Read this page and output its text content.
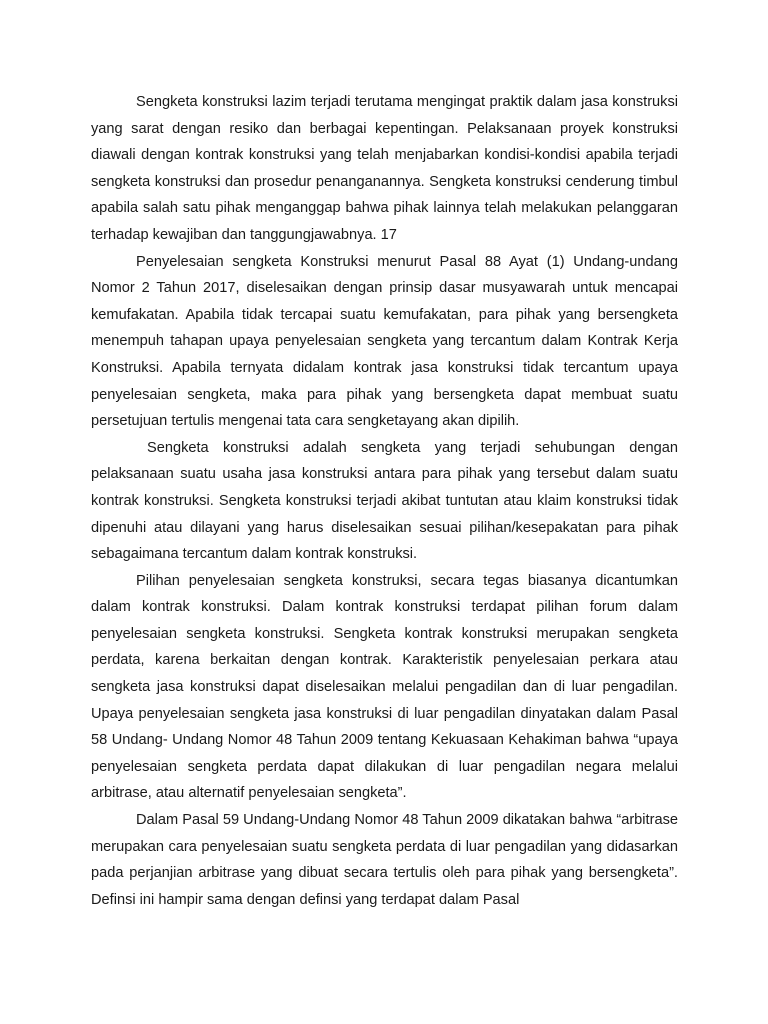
Sengketa konstruksi lazim terjadi terutama mengingat praktik dalam jasa konstruksi yang sarat dengan resiko dan berbagai kepentingan. Pelaksanaan proyek konstruksi diawali dengan kontrak konstruksi yang telah menjabarkan kondisi-kondisi apabila terjadi sengketa konstruksi dan prosedur penanganannya. Sengketa konstruksi cenderung timbul apabila salah satu pihak menganggap bahwa pihak lainnya telah melakukan pelanggaran terhadap kewajiban dan tanggungjawabnya. 17

Penyelesaian sengketa Konstruksi menurut Pasal 88 Ayat (1) Undang-undang Nomor 2 Tahun 2017, diselesaikan dengan prinsip dasar musyawarah untuk mencapai kemufakatan. Apabila tidak tercapai suatu kemufakatan, para pihak yang bersengketa menempuh tahapan upaya penyelesaian sengketa yang tercantum dalam Kontrak Kerja Konstruksi. Apabila ternyata didalam kontrak jasa konstruksi tidak tercantum upaya penyelesaian sengketa, maka para pihak yang bersengketa dapat membuat suatu persetujuan tertulis mengenai tata cara sengketayang akan dipilih.

Sengketa konstruksi adalah sengketa yang terjadi sehubungan dengan pelaksanaan suatu usaha jasa konstruksi antara para pihak yang tersebut dalam suatu kontrak konstruksi. Sengketa konstruksi terjadi akibat tuntutan atau klaim konstruksi tidak dipenuhi atau dilayani yang harus diselesaikan sesuai pilihan/kesepakatan para pihak sebagaimana tercantum dalam kontrak konstruksi.

Pilihan penyelesaian sengketa konstruksi, secara tegas biasanya dicantumkan dalam kontrak konstruksi. Dalam kontrak konstruksi terdapat pilihan forum dalam penyelesaian sengketa konstruksi. Sengketa kontrak konstruksi merupakan sengketa perdata, karena berkaitan dengan kontrak. Karakteristik penyelesaian perkara atau sengketa jasa konstruksi dapat diselesaikan melalui pengadilan dan di luar pengadilan. Upaya penyelesaian sengketa jasa konstruksi di luar pengadilan dinyatakan dalam Pasal 58 Undang- Undang Nomor 48 Tahun 2009 tentang Kekuasaan Kehakiman bahwa “upaya penyelesaian sengketa perdata dapat dilakukan di luar pengadilan negara melalui arbitrase, atau alternatif penyelesaian sengketa”.

Dalam Pasal 59 Undang-Undang Nomor 48 Tahun 2009 dikatakan bahwa “arbitrase merupakan cara penyelesaian suatu sengketa perdata di luar pengadilan yang didasarkan pada perjanjian arbitrase yang dibuat secara tertulis oleh para pihak yang bersengketa”. Definsi ini hampir sama dengan definsi yang terdapat dalam Pasal
